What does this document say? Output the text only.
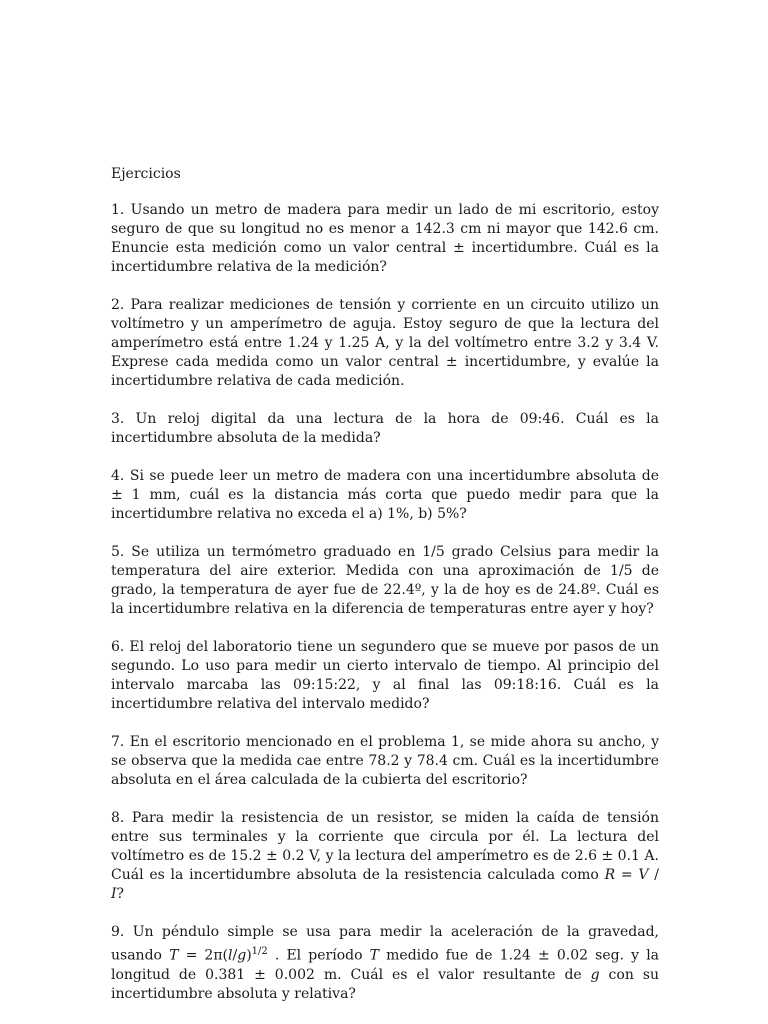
Ejercicios

1. Usando un metro de madera para medir un lado de mi escritorio, estoy seguro de que su longitud no es menor a 142.3 cm ni mayor que 142.6 cm. Enuncie esta medición como un valor central ± incertidumbre. Cuál es la incertidumbre relativa de la medición?

2. Para realizar mediciones de tensión y corriente en un circuito utilizo un voltímetro y un amperímetro de aguja. Estoy seguro de que la lectura del amperímetro está entre 1.24 y 1.25 A, y la del voltímetro entre 3.2 y 3.4 V. Exprese cada medida como un valor central ± incertidumbre, y evalúe la incertidumbre relativa de cada medición.

3. Un reloj digital da una lectura de la hora de 09:46. Cuál es la incertidumbre absoluta de la medida?

4. Si se puede leer un metro de madera con una incertidumbre absoluta de ± 1 mm, cuál es la distancia más corta que puedo medir para que la incertidumbre relativa no exceda el a) 1%, b) 5%?

5. Se utiliza un termómetro graduado en 1/5 grado Celsius para medir la temperatura del aire exterior. Medida con una aproximación de 1/5 de grado, la temperatura de ayer fue de 22.4º, y la de hoy es de 24.8º. Cuál es la incertidumbre relativa en la diferencia de temperaturas entre ayer y hoy?

6. El reloj del laboratorio tiene un segundero que se mueve por pasos de un segundo. Lo uso para medir un cierto intervalo de tiempo. Al principio del intervalo marcaba las 09:15:22, y al final las 09:18:16. Cuál es la incertidumbre relativa del intervalo medido?

7. En el escritorio mencionado en el problema 1, se mide ahora su ancho, y se observa que la medida cae entre 78.2 y 78.4 cm. Cuál es la incertidumbre absoluta en el área calculada de la cubierta del escritorio?

8. Para medir la resistencia de un resistor, se miden la caída de tensión entre sus terminales y la corriente que circula por él. La lectura del voltímetro es de 15.2 ± 0.2 V, y la lectura del amperímetro es de 2.6 ± 0.1 A. Cuál es la incertidumbre absoluta de la resistencia calculada como R = V / I?

9. Un péndulo simple se usa para medir la aceleración de la gravedad, usando $T = 2\pi(l/g)^{1/2}$ . El período T medido fue de 1.24 ± 0.02 seg. y la longitud de 0.381 ± 0.002 m. Cuál es el valor resultante de g con su incertidumbre absoluta y relativa?
